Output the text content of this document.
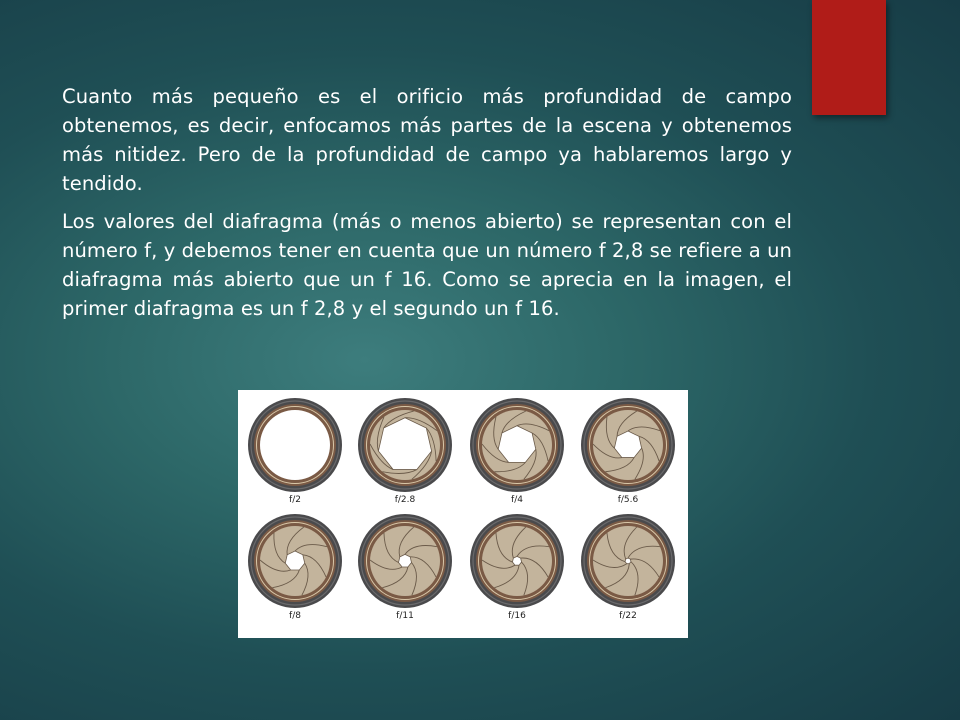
Cuanto más pequeño es el orificio más profundidad de campo obtenemos, es decir, enfocamos más partes de la escena y obtenemos más nitidez. Pero de la profundidad de campo ya hablaremos largo y tendido.

Los valores del diafragma (más o menos abierto) se representan con el número f, y debemos tener en cuenta que un número f 2,8 se refiere a un diafragma más abierto que un f 16. Como se aprecia en la imagen, el primer diafragma es un f 2,8 y el segundo un f 16.

f/2	f/2.8	f/4	f/5.6
f/8	f/11	f/16	f/22
